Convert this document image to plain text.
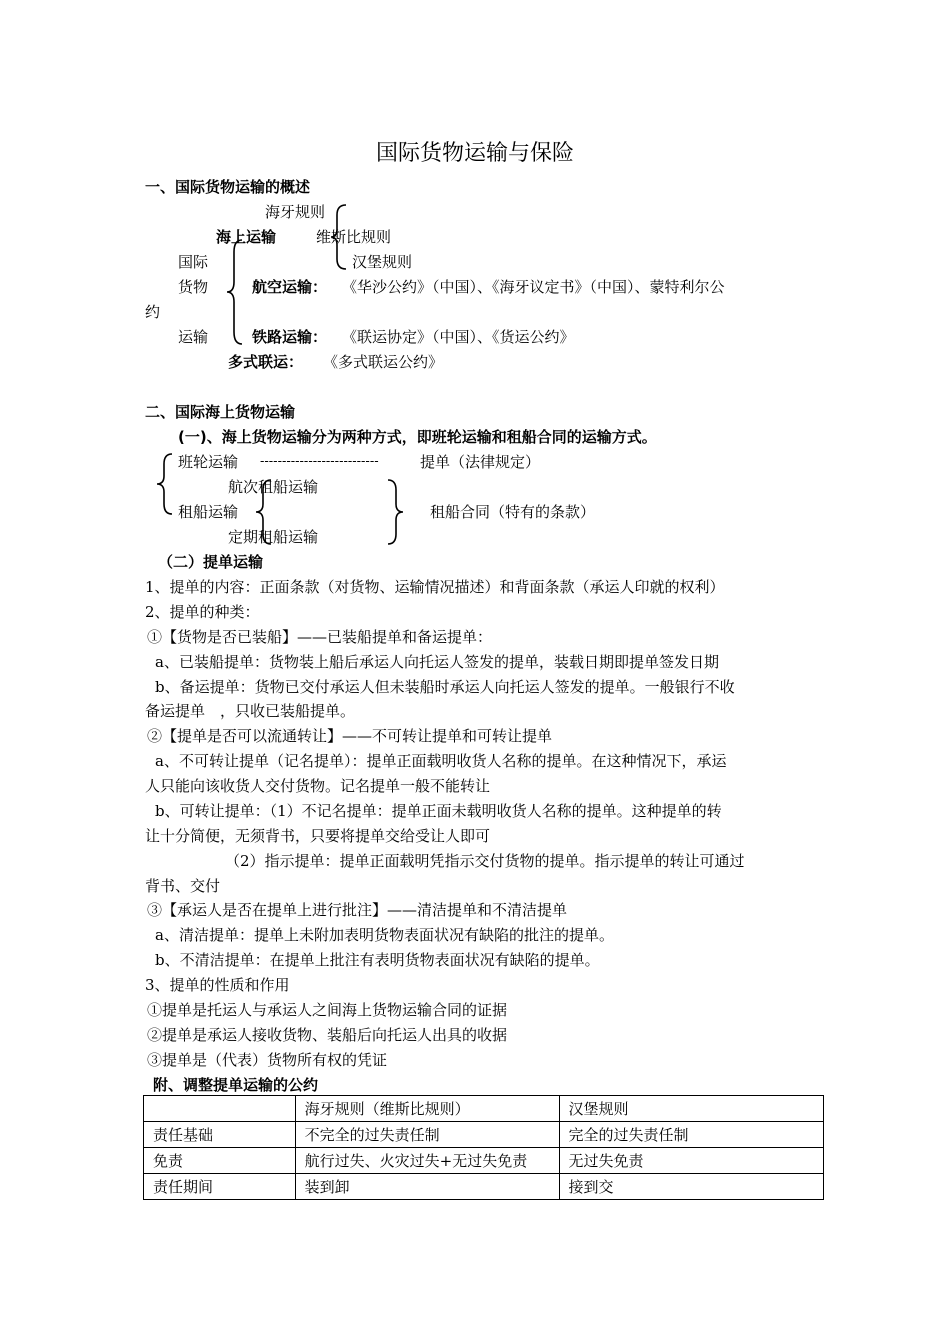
国际货物运输与保险
一、国际货物运输的概述
海牙规则
海上运输	维斯比规则
汉堡规则
国际
货物
运输
航空运输： 《华沙公约》（中国）、《海牙议定书》（中国）、蒙特利尔公
约
铁路运输： 《联运协定》（中国）、《货运公约》
多式联运： 《多式联运公约》
二、国际海上货物运输
(一)、海上货物运输分为两种方式，即班轮运输和租船合同的运输方式。
班轮运输 ---------------------------	提单（法律规定）
航次租船运输
租船运输	租船合同（特有的条款）
定期租船运输
（二）提单运输
1、提单的内容：正面条款（对货物、运输情况描述）和背面条款（承运人印就的权利）
2、提单的种类：
①【货物是否已装船】——已装船提单和备运提单：
a、已装船提单：货物装上船后承运人向托运人签发的提单，装载日期即提单签发日期
b、备运提单：货物已交付承运人但未装船时承运人向托运人签发的提单。一般银行不收
备运提单　，只收已装船提单。
②【提单是否可以流通转让】——不可转让提单和可转让提单
a、不可转让提单（记名提单）：提单正面载明收货人名称的提单。在这种情况下，承运
人只能向该收货人交付货物。记名提单一般不能转让
b、可转让提单：（1）不记名提单：提单正面未载明收货人名称的提单。这种提单的转
让十分简便，无须背书，只要将提单交给受让人即可
（2）指示提单：提单正面载明凭指示交付货物的提单。指示提单的转让可通过
背书、交付
③【承运人是否在提单上进行批注】——清洁提单和不清洁提单
a、清洁提单：提单上未附加表明货物表面状况有缺陷的批注的提单。
b、不清洁提单：在提单上批注有表明货物表面状况有缺陷的提单。
3、提单的性质和作用
①提单是托运人与承运人之间海上货物运输合同的证据
②提单是承运人接收货物、装船后向托运人出具的收据
③提单是（代表）货物所有权的凭证
附、调整提单运输的公约
	海牙规则（维斯比规则）	汉堡规则
责任基础	不完全的过失责任制	完全的过失责任制
免责	航行过失、火灾过失+无过失免责	无过失免责
责任期间	装到卸	接到交
